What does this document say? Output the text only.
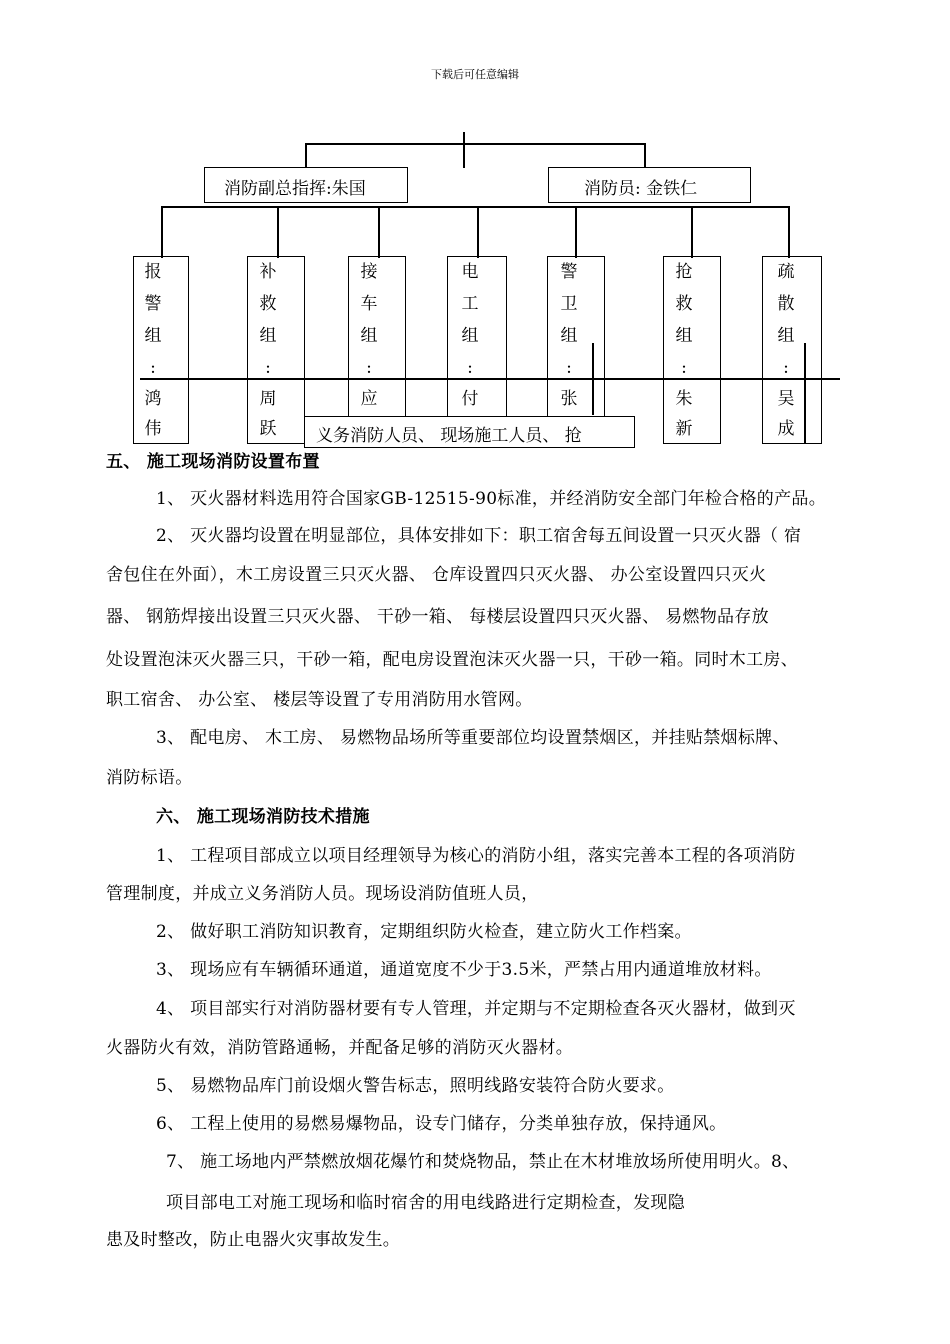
下载后可任意编辑
消防副总指挥:朱国	消防员: 金铁仁
报
警
组
:
补
救
组
:
接
车
组
:
电
工
组
:
警
卫
组
:
抢
救
组
:
疏
散
组
:
鸿
伟
周
跃
应	付	张	朱
新
吴
成
义务消防人员、 现场施工人员、 抢
五、 施工现场消防设置布置
1、 灭火器材料选用符合国家GB-12515-90标准，并经消防安全部门年检合格的产品。
2、 灭火器均设置在明显部位，具体安排如下：职工宿舍每五间设置一只灭火器（ 宿
舍包住在外面），木工房设置三只灭火器、 仓库设置四只灭火器、 办公室设置四只灭火
器、 钢筋焊接出设置三只灭火器、 干砂一箱、 每楼层设置四只灭火器、 易燃物品存放
处设置泡沫灭火器三只，干砂一箱，配电房设置泡沫灭火器一只，干砂一箱。同时木工房、
职工宿舍、 办公室、 楼层等设置了专用消防用水管网。
3、 配电房、 木工房、 易燃物品场所等重要部位均设置禁烟区，并挂贴禁烟标牌、
消防标语。
六、 施工现场消防技术措施
1、 工程项目部成立以项目经理领导为核心的消防小组，落实完善本工程的各项消防
管理制度，并成立义务消防人员。现场设消防值班人员，
2、 做好职工消防知识教育，定期组织防火检查，建立防火工作档案。
3、 现场应有车辆循环通道，通道宽度不少于3.5米，严禁占用内通道堆放材料。
4、 项目部实行对消防器材要有专人管理，并定期与不定期检查各灭火器材，做到灭
火器防火有效，消防管路通畅，并配备足够的消防灭火器材。
5、 易燃物品库门前设烟火警告标志，照明线路安装符合防火要求。
6、 工程上使用的易燃易爆物品，设专门储存，分类单独存放，保持通风。
7、 施工场地内严禁燃放烟花爆竹和焚烧物品，禁止在木材堆放场所使用明火。8、
项目部电工对施工现场和临时宿舍的用电线路进行定期检查，发现隐
患及时整改，防止电器火灾事故发生。
